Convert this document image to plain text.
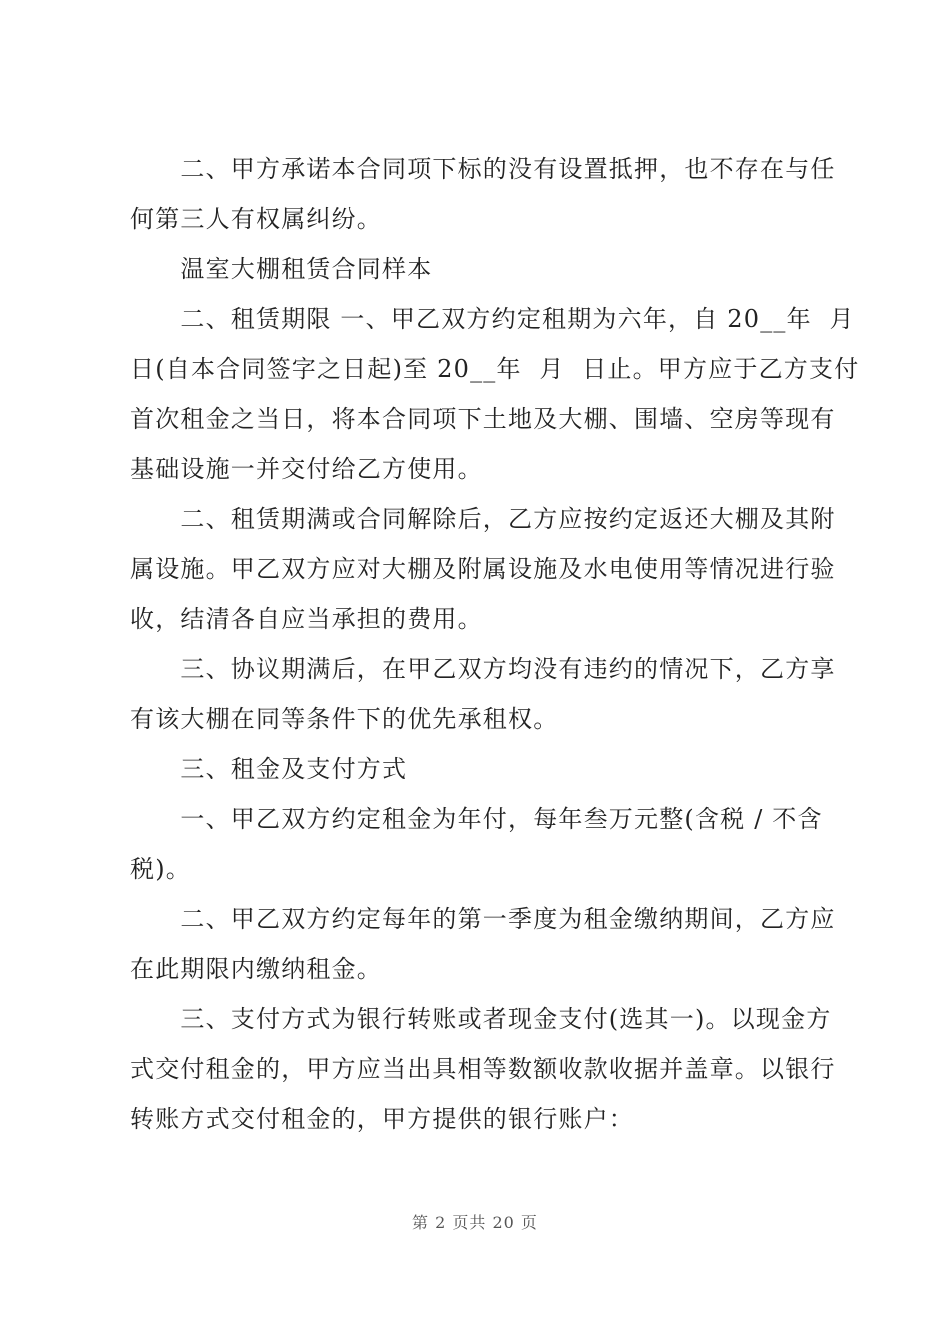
　　二、甲方承诺本合同项下标的没有设置抵押，也不存在与任
何第三人有权属纠纷。
　　温室大棚租赁合同样本
　　二、租赁期限 一、甲乙双方约定租期为六年，自 20__年  月
日(自本合同签字之日起)至 20__年  月  日止。甲方应于乙方支付
首次租金之当日，将本合同项下土地及大棚、围墙、空房等现有
基础设施一并交付给乙方使用。
　　二、租赁期满或合同解除后，乙方应按约定返还大棚及其附
属设施。甲乙双方应对大棚及附属设施及水电使用等情况进行验
收，结清各自应当承担的费用。
　　三、协议期满后，在甲乙双方均没有违约的情况下，乙方享
有该大棚在同等条件下的优先承租权。
　　三、租金及支付方式
　　一、甲乙双方约定租金为年付，每年叁万元整(含税 / 不含
税)。
　　二、甲乙双方约定每年的第一季度为租金缴纳期间，乙方应
在此期限内缴纳租金。
　　三、支付方式为银行转账或者现金支付(选其一)。以现金方
式交付租金的，甲方应当出具相等数额收款收据并盖章。以银行
转账方式交付租金的，甲方提供的银行账户：
第 2 页共 20 页
